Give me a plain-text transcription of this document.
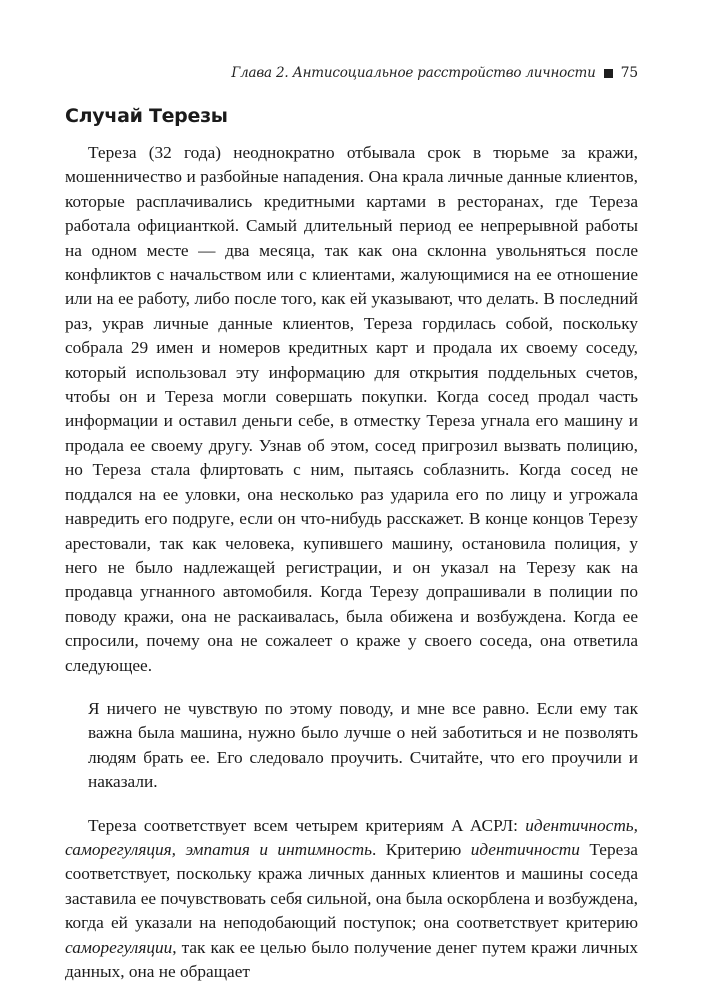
Глава 2. Антисоциальное расстройство личности 75
Случай Терезы

Тереза (32 года) неоднократно отбывала срок в тюрьме за кражи, мошенничество и разбойные нападения. Она крала личные данные клиентов, которые расплачивались кредитными картами в ресторанах, где Тереза работала официанткой. Самый длительный период ее непрерывной работы на одном месте — два месяца, так как она склонна увольняться после конфликтов с начальством или с клиентами, жалующимися на ее отношение или на ее работу, либо после того, как ей указывают, что делать. В последний раз, украв личные данные клиентов, Тереза гордилась собой, поскольку собрала 29 имен и номеров кредитных карт и продала их своему соседу, который использовал эту информацию для открытия поддельных счетов, чтобы он и Тереза могли совершать покупки. Когда сосед продал часть информации и оставил деньги себе, в отместку Тереза угнала его машину и продала ее своему другу. Узнав об этом, сосед пригрозил вызвать полицию, но Тереза стала флиртовать с ним, пытаясь соблазнить. Когда сосед не поддался на ее уловки, она несколько раз ударила его по лицу и угрожала навредить его подруге, если он что-нибудь расскажет. В конце концов Терезу арестовали, так как человека, купившего машину, остановила полиция, у него не было надлежащей регистрации, и он указал на Терезу как на продавца угнанного автомобиля. Когда Терезу допрашивали в полиции по поводу кражи, она не раскаивалась, была обижена и возбуждена. Когда ее спросили, почему она не сожалеет о краже у своего соседа, она ответила следующее.

Я ничего не чувствую по этому поводу, и мне все равно. Если ему так важна была машина, нужно было лучше о ней заботиться и не позволять людям брать ее. Его следовало проучить. Считайте, что его проучили и наказали.

Тереза соответствует всем четырем критериям A АСРЛ: идентичность, саморегуляция, эмпатия и интимность. Критерию идентичности Тереза соответствует, поскольку кража личных данных клиентов и машины соседа заставила ее почувствовать себя сильной, она была оскорблена и возбуждена, когда ей указали на неподобающий поступок; она соответствует критерию саморегуляции, так как ее целью было получение денег путем кражи личных данных, она не обращает
